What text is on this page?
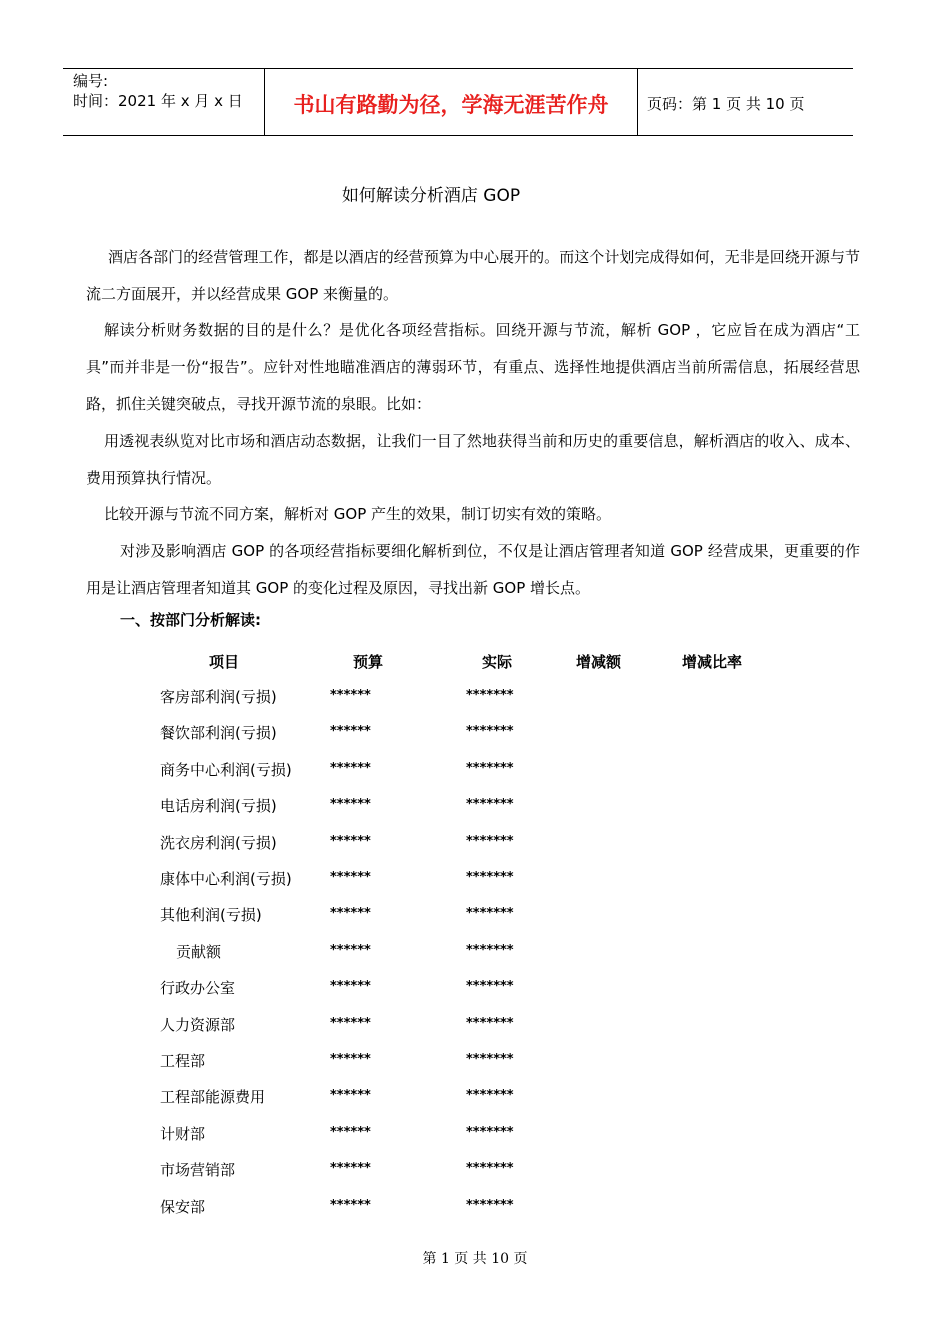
编号:
时间：2021 年 x 月 x 日	书山有路勤为径，学海无涯苦作舟	页码：第 1 页 共 10 页
如何解读分析酒店 GOP

酒店各部门的经营管理工作，都是以酒店的经营预算为中心展开的。而这个计划完成得如何，无非是回绕开源与节流二方面展开，并以经营成果 GOP 来衡量的。

解读分析财务数据的目的是什么？是优化各项经营指标。回绕开源与节流，解析 GOP ，它应旨在成为酒店“工具”而并非是一份“报告”。应针对性地瞄准酒店的薄弱环节，有重点、选择性地提供酒店当前所需信息，拓展经营思路，抓住关键突破点，寻找开源节流的泉眼。比如：

用透视表纵览对比市场和酒店动态数据，让我们一目了然地获得当前和历史的重要信息，解析酒店的收入、成本、费用预算执行情况。

比较开源与节流不同方案，解析对 GOP 产生的效果，制订切实有效的策略。

对涉及影响酒店 GOP 的各项经营指标要细化解析到位，不仅是让酒店管理者知道 GOP 经营成果，更重要的作用是让酒店管理者知道其 GOP 的变化过程及原因，寻找出新 GOP 增长点。

一、按部门分析解读:
项目	预算	实际	增减额	增减比率
客房部利润(亏损)	******	*******
餐饮部利润(亏损)	******	*******
商务中心利润(亏损)	******	*******
电话房利润(亏损)	******	*******
洗衣房利润(亏损)	******	*******
康体中心利润(亏损)	******	*******
其他利润(亏损)	******	*******
贡献额	******	*******
行政办公室	******	*******
人力资源部	******	*******
工程部	******	*******
工程部能源费用	******	*******
计财部	******	*******
市场营销部	******	*******
保安部	******	*******
第 1 页 共 10 页
